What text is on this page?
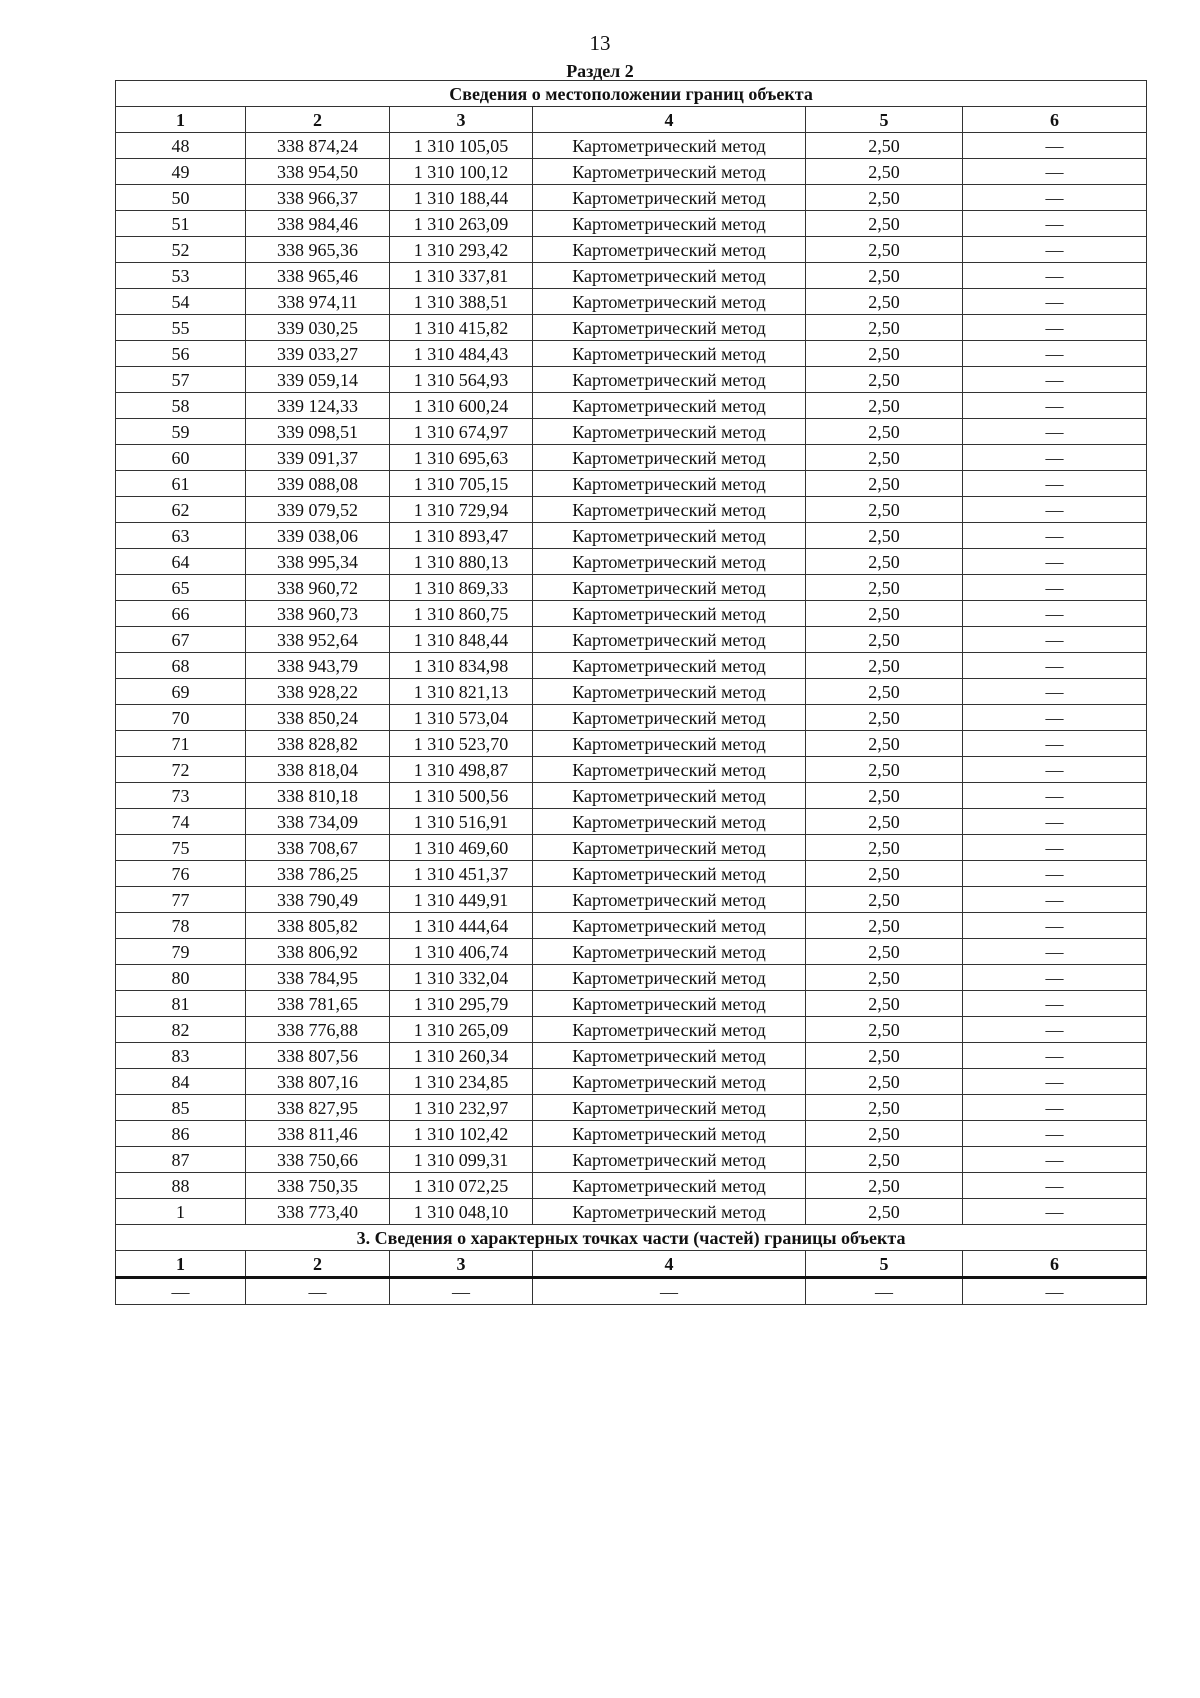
13
Раздел 2
Сведения о местоположении границ объекта					
1	2	3	4	5	6
48	338 874,24	1 310 105,05	Картометрический метод	2,50	—
49	338 954,50	1 310 100,12	Картометрический метод	2,50	—
50	338 966,37	1 310 188,44	Картометрический метод	2,50	—
51	338 984,46	1 310 263,09	Картометрический метод	2,50	—
52	338 965,36	1 310 293,42	Картометрический метод	2,50	—
53	338 965,46	1 310 337,81	Картометрический метод	2,50	—
54	338 974,11	1 310 388,51	Картометрический метод	2,50	—
55	339 030,25	1 310 415,82	Картометрический метод	2,50	—
56	339 033,27	1 310 484,43	Картометрический метод	2,50	—
57	339 059,14	1 310 564,93	Картометрический метод	2,50	—
58	339 124,33	1 310 600,24	Картометрический метод	2,50	—
59	339 098,51	1 310 674,97	Картометрический метод	2,50	—
60	339 091,37	1 310 695,63	Картометрический метод	2,50	—
61	339 088,08	1 310 705,15	Картометрический метод	2,50	—
62	339 079,52	1 310 729,94	Картометрический метод	2,50	—
63	339 038,06	1 310 893,47	Картометрический метод	2,50	—
64	338 995,34	1 310 880,13	Картометрический метод	2,50	—
65	338 960,72	1 310 869,33	Картометрический метод	2,50	—
66	338 960,73	1 310 860,75	Картометрический метод	2,50	—
67	338 952,64	1 310 848,44	Картометрический метод	2,50	—
68	338 943,79	1 310 834,98	Картометрический метод	2,50	—
69	338 928,22	1 310 821,13	Картометрический метод	2,50	—
70	338 850,24	1 310 573,04	Картометрический метод	2,50	—
71	338 828,82	1 310 523,70	Картометрический метод	2,50	—
72	338 818,04	1 310 498,87	Картометрический метод	2,50	—
73	338 810,18	1 310 500,56	Картометрический метод	2,50	—
74	338 734,09	1 310 516,91	Картометрический метод	2,50	—
75	338 708,67	1 310 469,60	Картометрический метод	2,50	—
76	338 786,25	1 310 451,37	Картометрический метод	2,50	—
77	338 790,49	1 310 449,91	Картометрический метод	2,50	—
78	338 805,82	1 310 444,64	Картометрический метод	2,50	—
79	338 806,92	1 310 406,74	Картометрический метод	2,50	—
80	338 784,95	1 310 332,04	Картометрический метод	2,50	—
81	338 781,65	1 310 295,79	Картометрический метод	2,50	—
82	338 776,88	1 310 265,09	Картометрический метод	2,50	—
83	338 807,56	1 310 260,34	Картометрический метод	2,50	—
84	338 807,16	1 310 234,85	Картометрический метод	2,50	—
85	338 827,95	1 310 232,97	Картометрический метод	2,50	—
86	338 811,46	1 310 102,42	Картометрический метод	2,50	—
87	338 750,66	1 310 099,31	Картометрический метод	2,50	—
88	338 750,35	1 310 072,25	Картометрический метод	2,50	—
1	338 773,40	1 310 048,10	Картометрический метод	2,50	—
3. Сведения о характерных точках части (частей) границы объекта					
1	2	3	4	5	6
—	—	—	—	—	—
